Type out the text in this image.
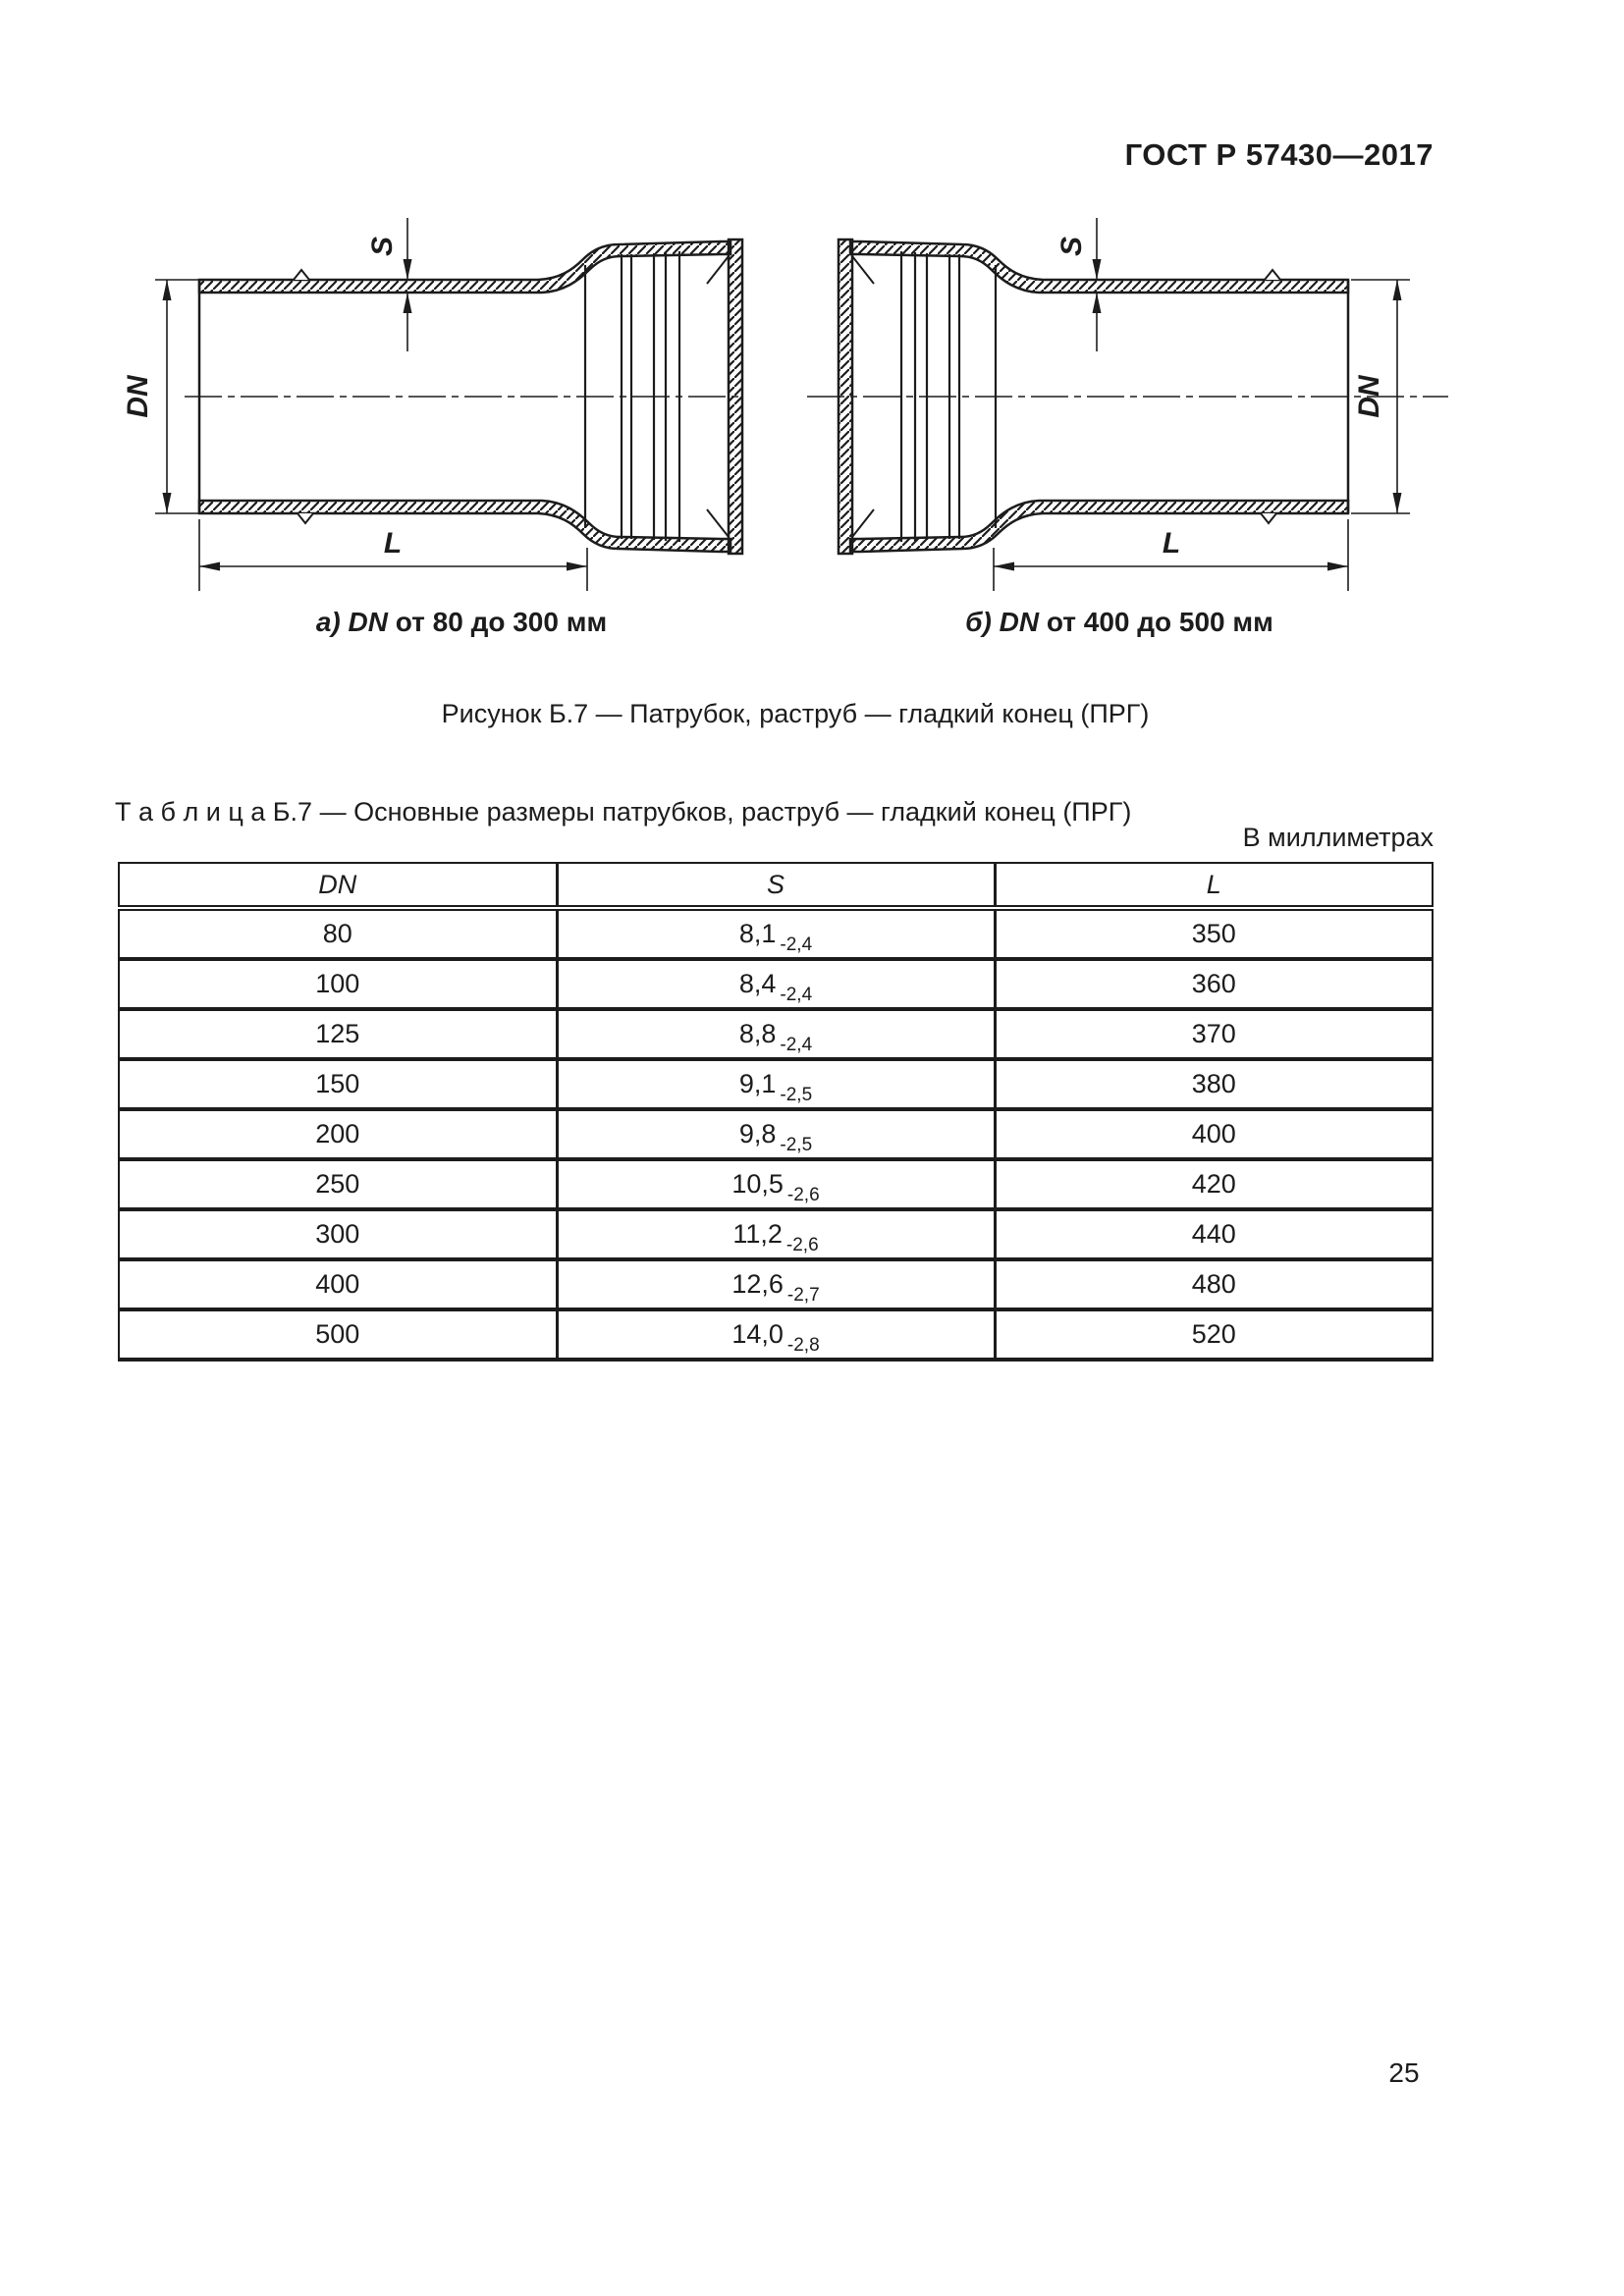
ГОСТ Р 57430—2017
DN
S
L
DN
S
L
а) DN от 80 до 300 мм	б) DN от 400 до 500 мм
Рисунок Б.7 — Патрубок, раструб — гладкий конец (ПРГ)
Т а б л и ц а Б.7 — Основные размеры патрубков, раструб — гладкий конец (ПРГ)
В миллиметрах
DN	S	L
80	8,1 $_{-2,4}$	350
100	8,4 $_{-2,4}$	360
125	8,8 $_{-2,4}$	370
150	9,1 $_{-2,5}$	380
200	9,8 $_{-2,5}$	400
250	10,5 $_{-2,6}$	420
300	11,2 $_{-2,6}$	440
400	12,6 $_{-2,7}$	480
500	14,0 $_{-2,8}$	520
25
